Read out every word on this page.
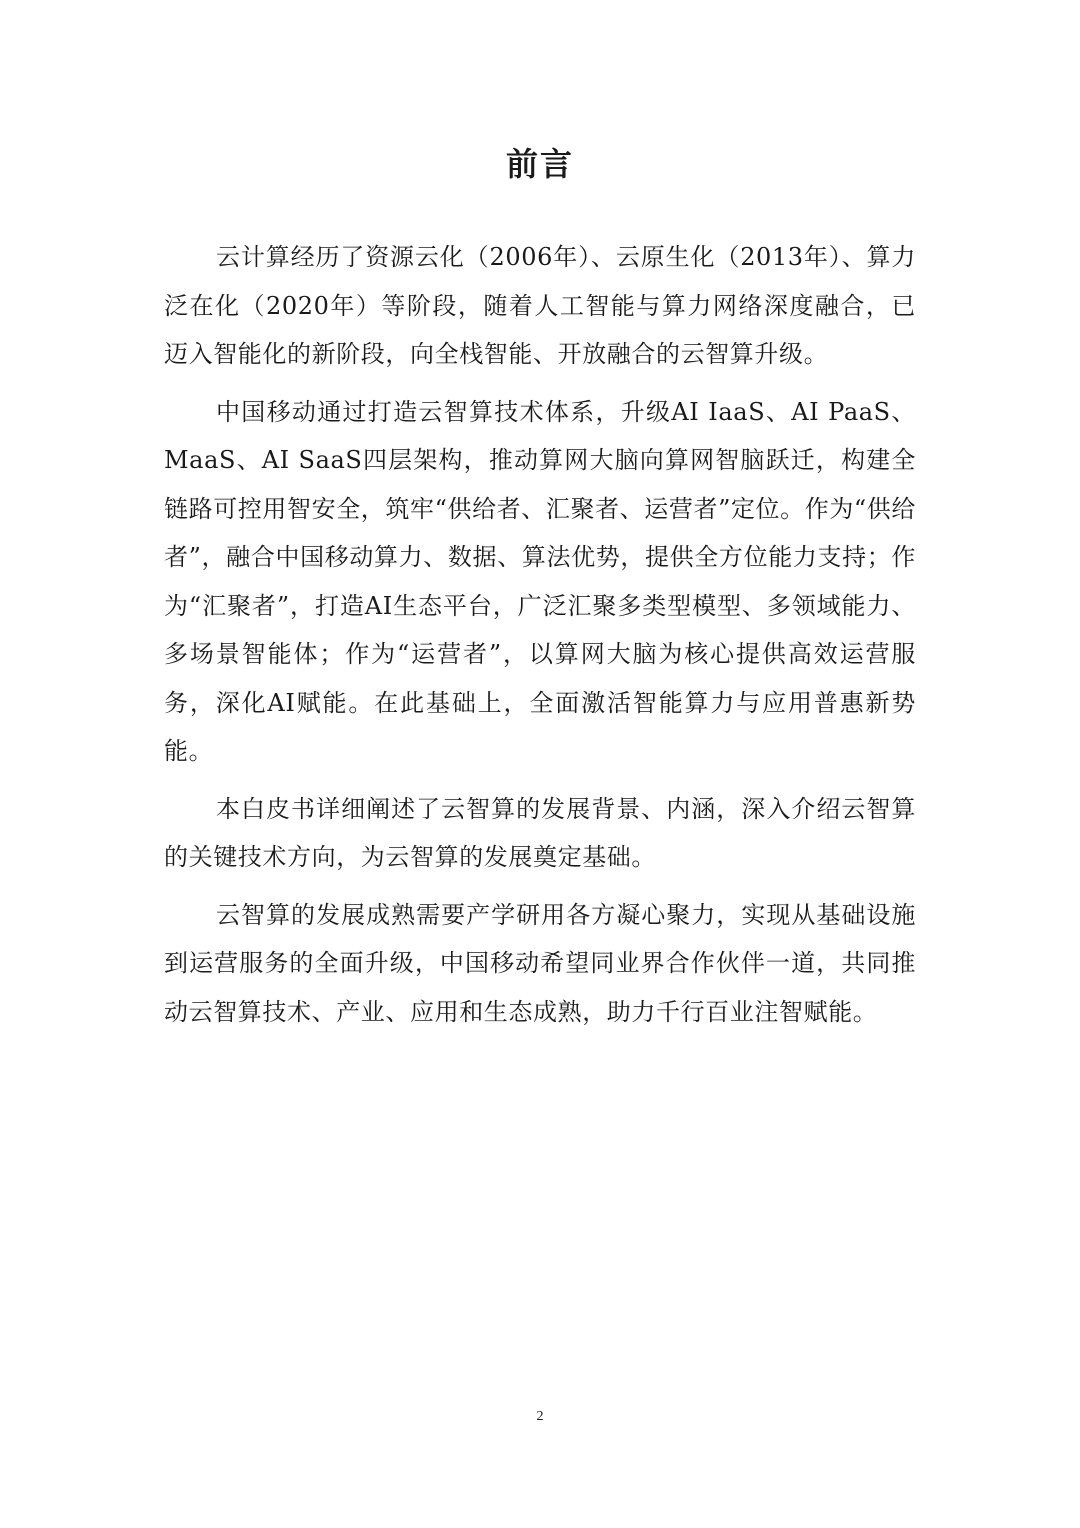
前言

云计算经历了资源云化（2006年）、云原生化（2013年）、算力泛在化（2020年）等阶段，随着人工智能与算力网络深度融合，已迈入智能化的新阶段，向全栈智能、开放融合的云智算升级。

中国移动通过打造云智算技术体系，升级AI IaaS、AI PaaS、MaaS、AI SaaS四层架构，推动算网大脑向算网智脑跃迁，构建全链路可控用智安全，筑牢“供给者、汇聚者、运营者”定位。作为“供给者”，融合中国移动算力、数据、算法优势，提供全方位能力支持；作为“汇聚者”，打造AI生态平台，广泛汇聚多类型模型、多领域能力、多场景智能体；作为“运营者”，以算网大脑为核心提供高效运营服务，深化AI赋能。在此基础上，全面激活智能算力与应用普惠新势能。

本白皮书详细阐述了云智算的发展背景、内涵，深入介绍云智算的关键技术方向，为云智算的发展奠定基础。

云智算的发展成熟需要产学研用各方凝心聚力，实现从基础设施到运营服务的全面升级，中国移动希望同业界合作伙伴一道，共同推动云智算技术、产业、应用和生态成熟，助力千行百业注智赋能。

2
